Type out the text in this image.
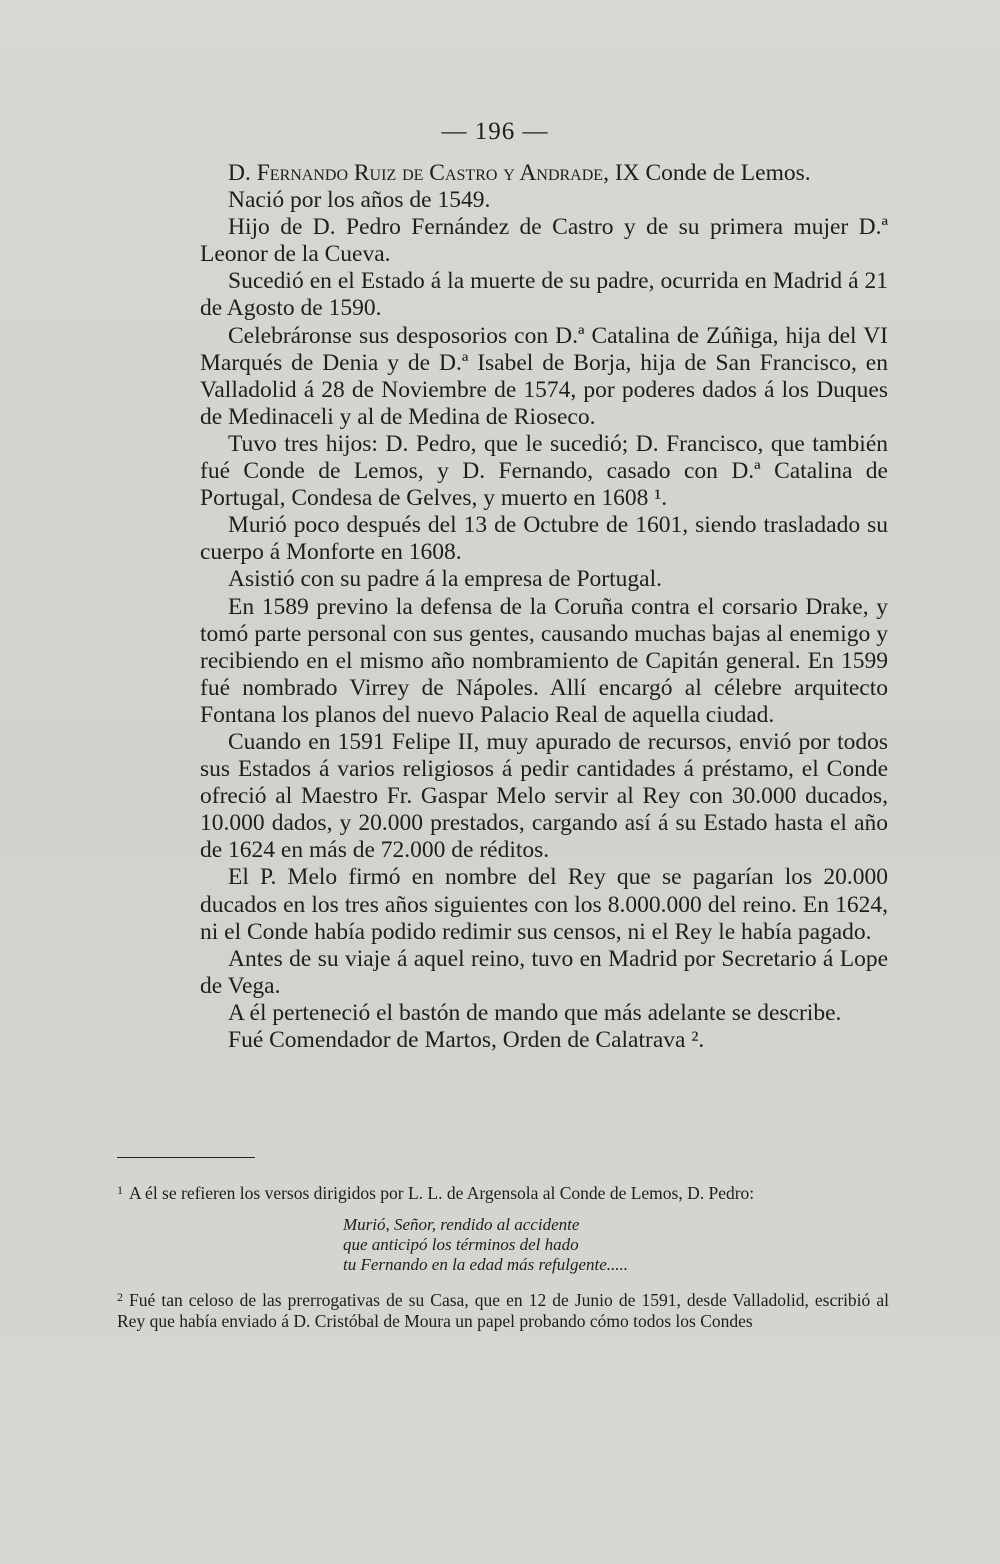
— 196 —

D. Fernando Ruiz de Castro y Andrade, IX Conde de Lemos.

Nació por los años de 1549.

Hijo de D. Pedro Fernández de Castro y de su primera mujer D.ª Leonor de la Cueva.

Sucedió en el Estado á la muerte de su padre, ocurrida en Madrid á 21 de Agosto de 1590.

Celebráronse sus desposorios con D.ª Catalina de Zúñiga, hija del VI Marqués de Denia y de D.ª Isabel de Borja, hija de San Francisco, en Valladolid á 28 de Noviembre de 1574, por poderes dados á los Duques de Medinaceli y al de Medina de Rioseco.

Tuvo tres hijos: D. Pedro, que le sucedió; D. Francisco, que también fué Conde de Lemos, y D. Fernando, casado con D.ª Catalina de Portugal, Condesa de Gelves, y muerto en 1608 ¹.

Murió poco después del 13 de Octubre de 1601, siendo trasladado su cuerpo á Monforte en 1608.

Asistió con su padre á la empresa de Portugal.

En 1589 previno la defensa de la Coruña contra el corsario Drake, y tomó parte personal con sus gentes, causando muchas bajas al enemigo y recibiendo en el mismo año nombramiento de Capitán general. En 1599 fué nombrado Virrey de Nápoles. Allí encargó al célebre arquitecto Fontana los planos del nuevo Palacio Real de aquella ciudad.

Cuando en 1591 Felipe II, muy apurado de recursos, envió por todos sus Estados á varios religiosos á pedir cantidades á préstamo, el Conde ofreció al Maestro Fr. Gaspar Melo servir al Rey con 30.000 ducados, 10.000 dados, y 20.000 prestados, cargando así á su Estado hasta el año de 1624 en más de 72.000 de réditos.

El P. Melo firmó en nombre del Rey que se pagarían los 20.000 ducados en los tres años siguientes con los 8.000.000 del reino. En 1624, ni el Conde había podido redimir sus censos, ni el Rey le había pagado.

Antes de su viaje á aquel reino, tuvo en Madrid por Secretario á Lope de Vega.

A él perteneció el bastón de mando que más adelante se describe.

Fué Comendador de Martos, Orden de Calatrava ².

$^1$ A él se refieren los versos dirigidos por L. L. de Argensola al Conde de Lemos, D. Pedro:

Murió, Señor, rendido al accidente
que anticipó los términos del hado
tu Fernando en la edad más refulgente.....

$^2$ Fué tan celoso de las prerrogativas de su Casa, que en 12 de Junio de 1591, desde Valladolid, escribió al Rey que había enviado á D. Cristóbal de Moura un papel probando cómo todos los Condes
